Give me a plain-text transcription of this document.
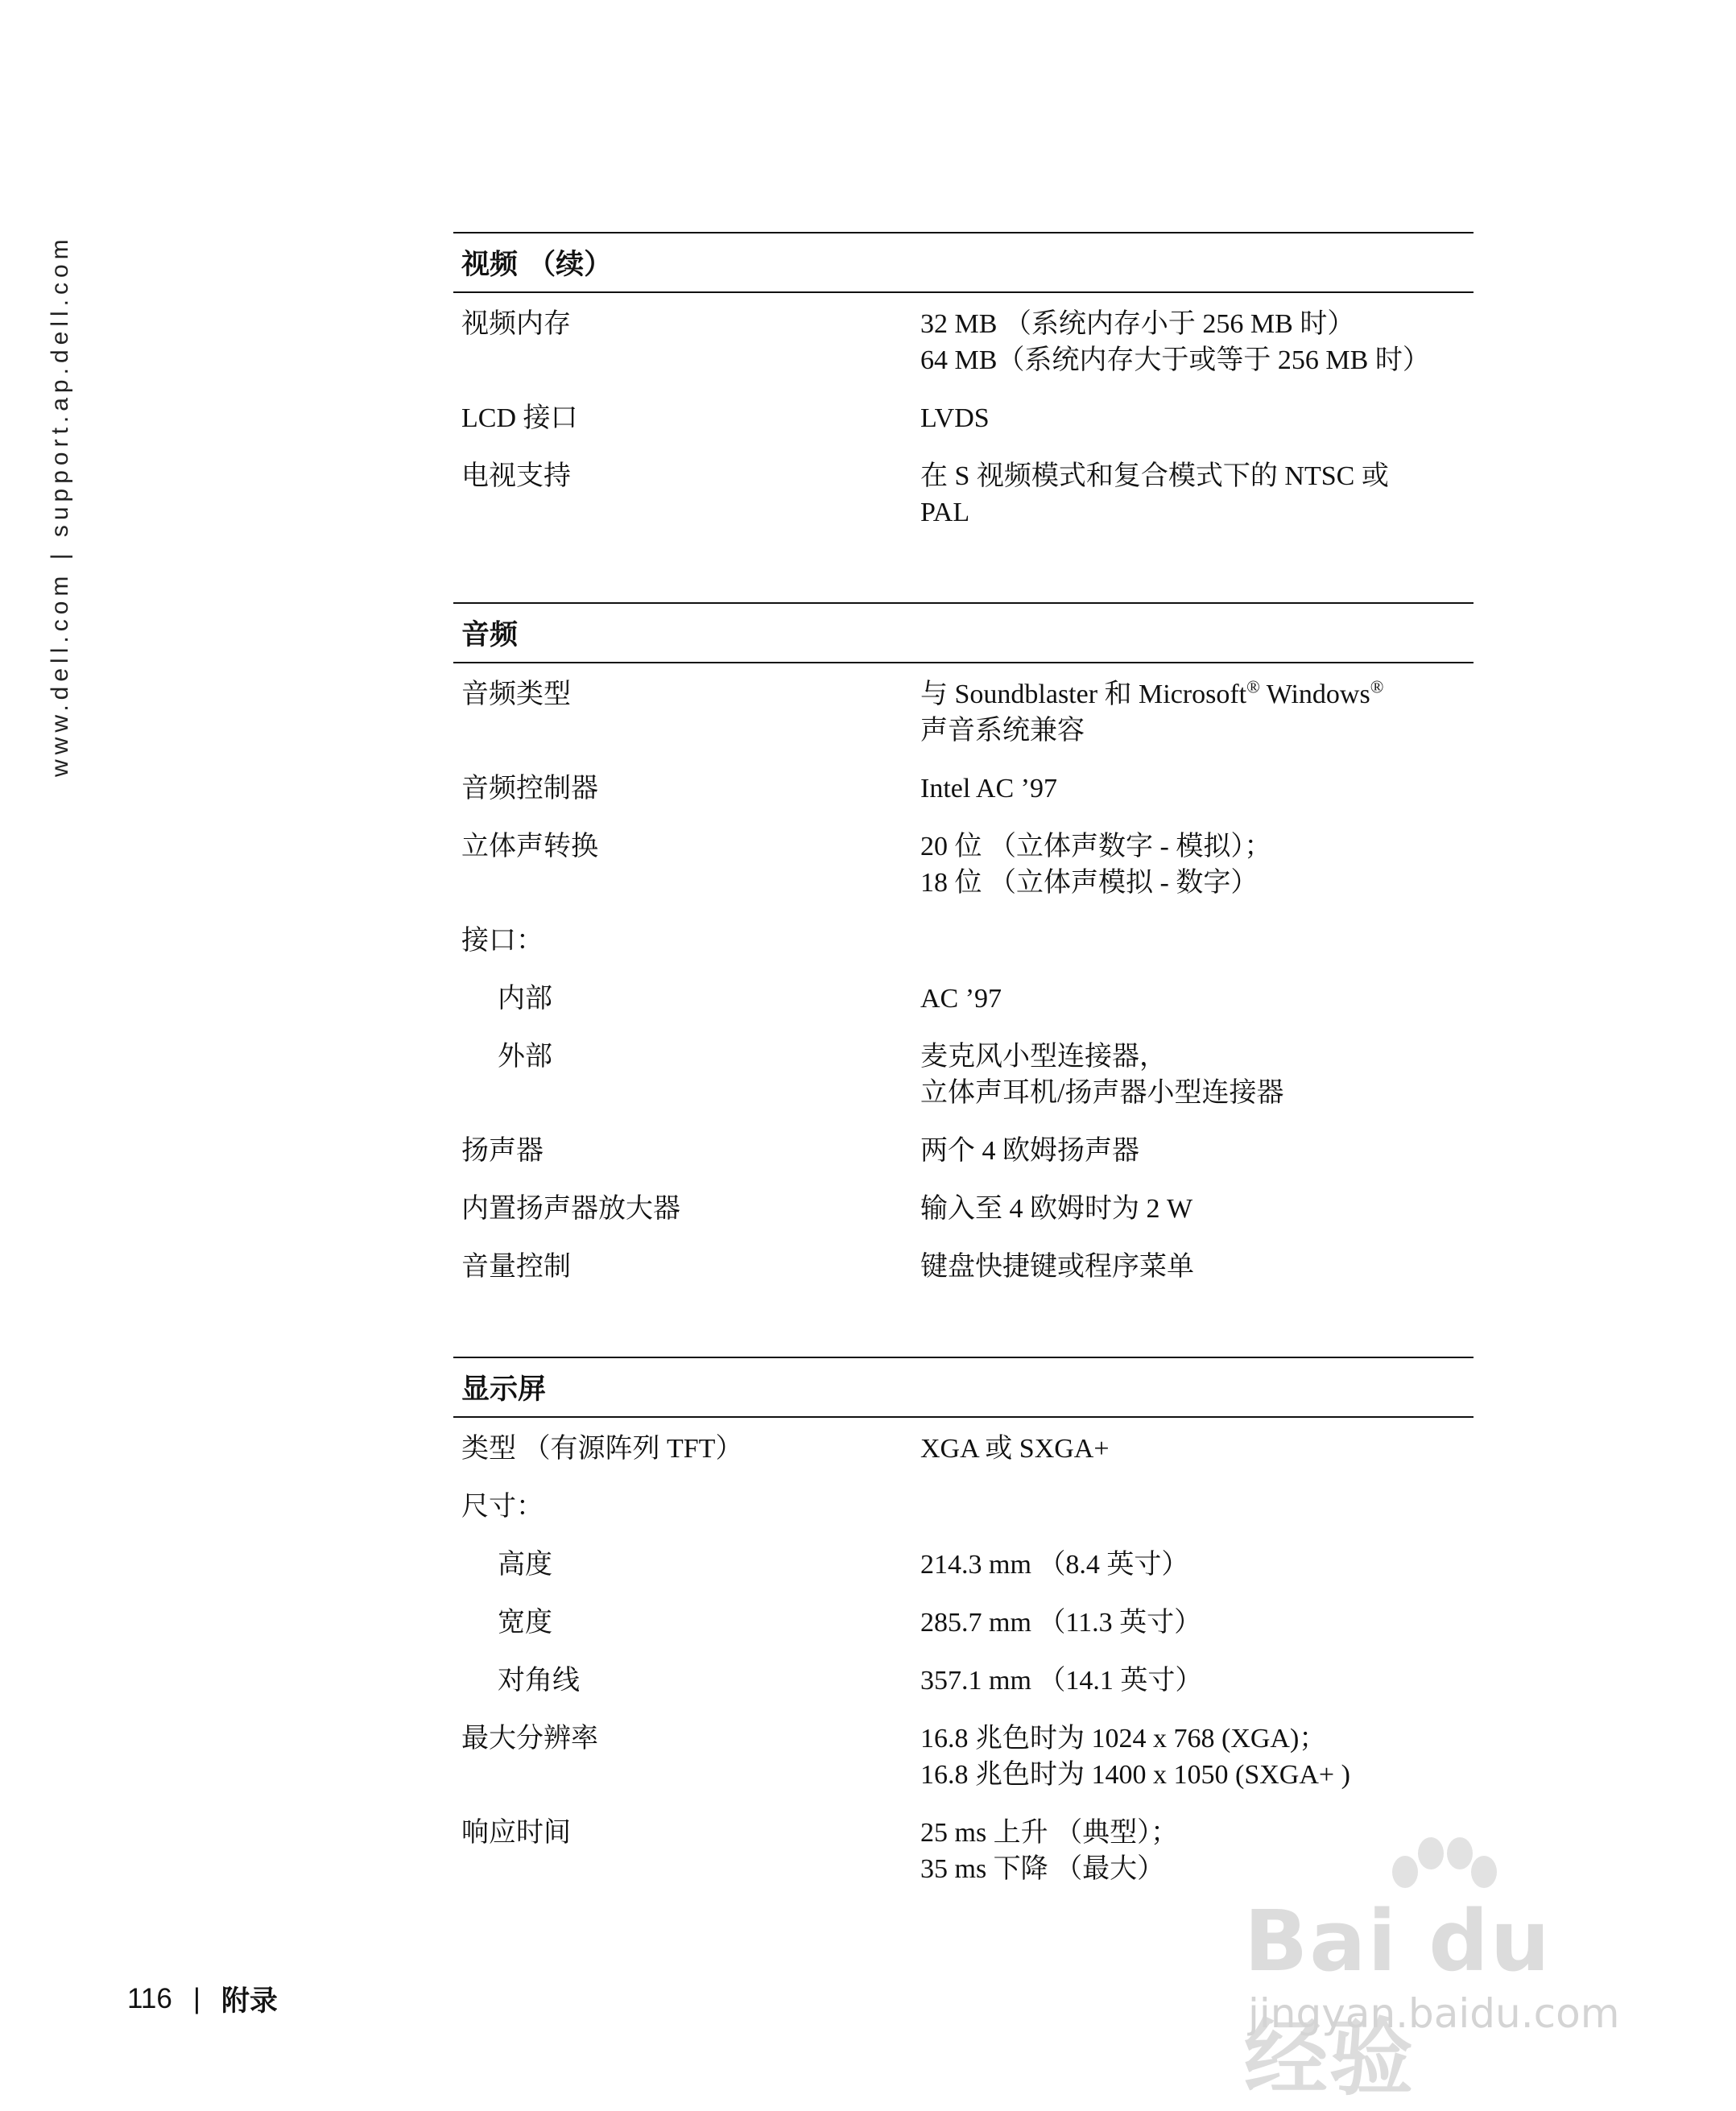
www.dell.com | support.ap.dell.com	视频 （续）
视频内存	32 MB （系统内存小于 256 MB 时）
64 MB（系统内存大于或等于 256 MB 时）
LCD 接口	LVDS
电视支持	在 S 视频模式和复合模式下的 NTSC 或
PAL
音频
音频类型	与 Soundblaster 和 Microsoft® Windows®
声音系统兼容
音频控制器	Intel AC ’97
立体声转换	20 位 （立体声数字 - 模拟）；
18 位 （立体声模拟 - 数字）
接口：
内部	AC ’97
外部	麦克风小型连接器，
立体声耳机/扬声器小型连接器
扬声器	两个 4 欧姆扬声器
内置扬声器放大器	输入至 4 欧姆时为 2 W
音量控制	键盘快捷键或程序菜单
显示屏
类型 （有源阵列 TFT）	XGA 或 SXGA+
尺寸：
高度	214.3 mm （8.4 英寸）
宽度	285.7 mm （11.3 英寸）
对角线	357.1 mm （14.1 英寸）
最大分辨率	16.8 兆色时为 1024 x 768 (XGA)；
16.8 兆色时为 1400 x 1050 (SXGA+ )
响应时间	25 ms 上升 （典型）；
35 ms 下降 （最大）
116 | 附录
Bai du 经验
jingyan.baidu.com
